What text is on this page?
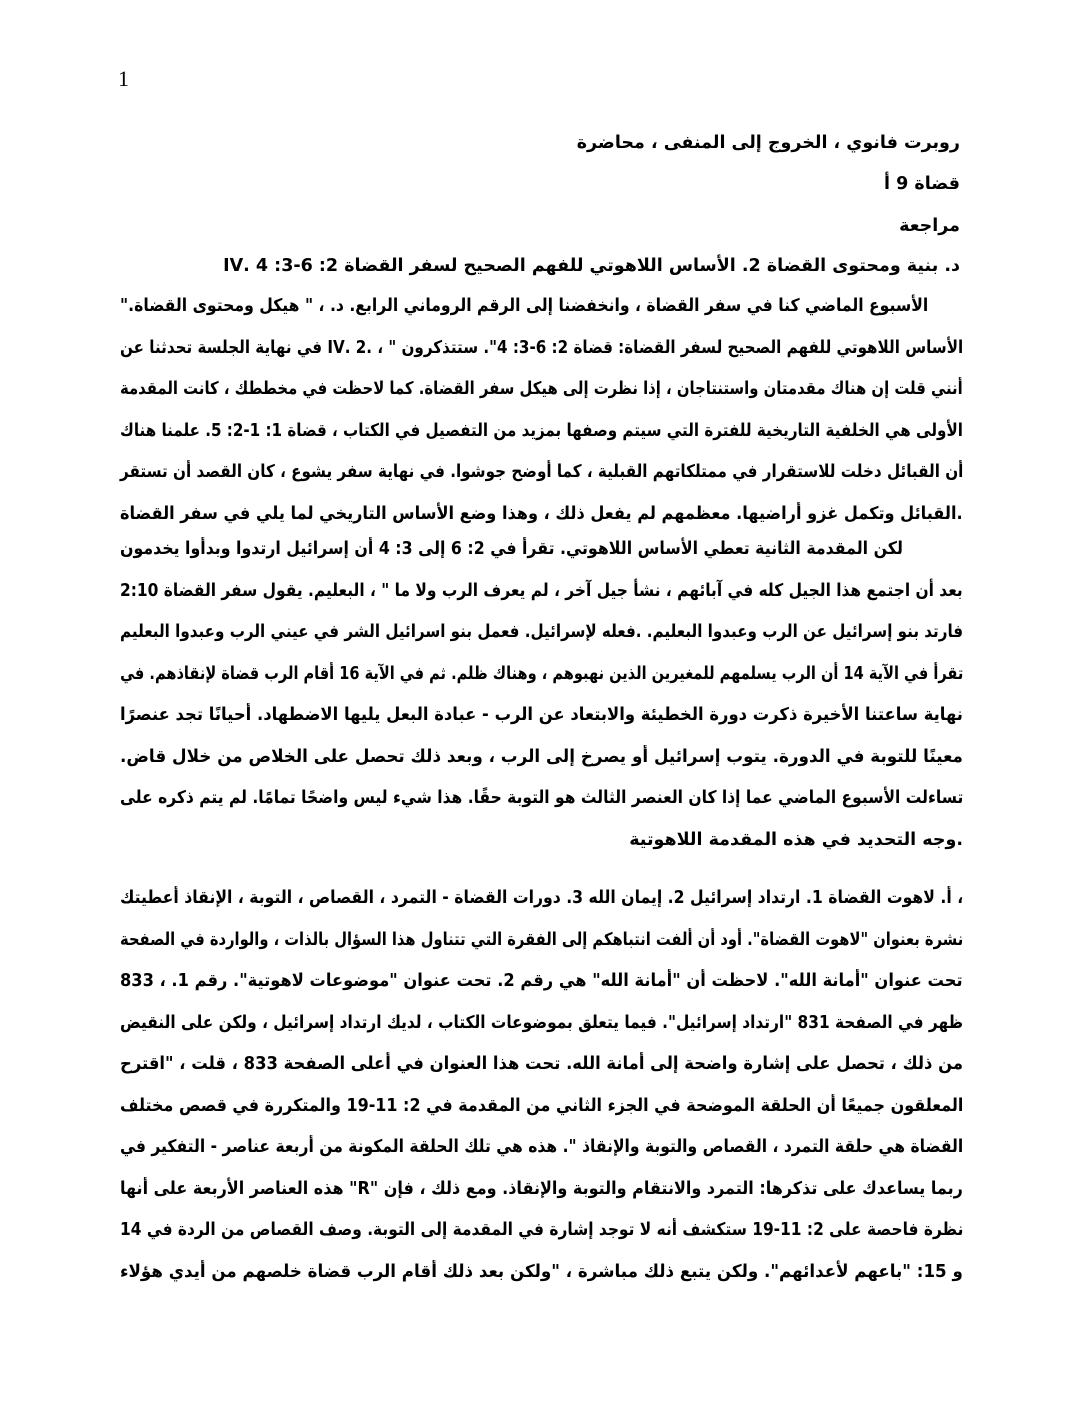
1
روبرت فانوي ، الخروج إلى المنفى ، محاضرة
قضاة 9 أ
مراجعة
د. بنية ومحتوى القضاة 2. الأساس اللاهوتي للفهم الصحيح لسفر القضاة 2: 6-3: 4 .IV
الأسبوع الماضي كنا في سفر القضاة ، وانخفضنا إلى الرقم الروماني الرابع. د. ، " هيكل ومحتوى القضاة."
الأساس اللاهوتي للفهم الصحيح لسفر القضاة: قضاة 2: 6-3: 4". ستتذكرون " ، .2 .IV في نهاية الجلسة تحدثنا عن
أنني قلت إن هناك مقدمتان واستنتاجان ، إذا نظرت إلى هيكل سفر القضاة. كما لاحظت في مخططك ، كانت المقدمة
الأولى هي الخلفية التاريخية للفترة التي سيتم وصفها بمزيد من التفصيل في الكتاب ، قضاة 1: 1-2: 5. علمنا هناك
أن القبائل دخلت للاستقرار في ممتلكاتهم القبلية ، كما أوضح جوشوا. في نهاية سفر يشوع ، كان القصد أن تستقر
.القبائل وتكمل غزو أراضيها. معظمهم لم يفعل ذلك ، وهذا وضع الأساس التاريخي لما يلي في سفر القضاة
لكن المقدمة الثانية تعطي الأساس اللاهوتي. تقرأ في 2: 6 إلى 3: 4 أن إسرائيل ارتدوا وبدأوا يخدمون
بعد أن اجتمع هذا الجيل كله في آبائهم ، نشأ جيل آخر ، لم يعرف الرب ولا ما " ، البعليم. يقول سفر القضاة 2:10
فارتد بنو إسرائيل عن الرب وعبدوا البعليم. .فعله لإسرائيل. فعمل بنو اسرائيل الشر في عيني الرب وعبدوا البعليم
تقرأ في الآية 14 أن الرب يسلمهم للمغيرين الذين نهبوهم ، وهناك ظلم. ثم في الآية 16 أقام الرب قضاة لإنقاذهم. في
نهاية ساعتنا الأخيرة ذكرت دورة الخطيئة والابتعاد عن الرب - عبادة البعل يليها الاضطهاد. أحيانًا تجد عنصرًا
معينًا للتوبة في الدورة. يتوب إسرائيل أو يصرخ إلى الرب ، وبعد ذلك تحصل على الخلاص من خلال قاض.
تساءلت الأسبوع الماضي عما إذا كان العنصر الثالث هو التوبة حقًا. هذا شيء ليس واضحًا تمامًا. لم يتم ذكره على
.وجه التحديد في هذه المقدمة اللاهوتية
، أ. لاهوت القضاة 1. ارتداد إسرائيل 2. إيمان الله 3. دورات القضاة - التمرد ، القصاص ، التوبة ، الإنقاذ أعطيتك
نشرة بعنوان "لاهوت القضاة". أود أن ألفت انتباهكم إلى الفقرة التي تتناول هذا السؤال بالذات ، والواردة في الصفحة
تحت عنوان "أمانة الله". لاحظت أن "أمانة الله" هي رقم 2. تحت عنوان "موضوعات لاهوتية". رقم 1. ، 833
ظهر في الصفحة 831 "ارتداد إسرائيل". فيما يتعلق بموضوعات الكتاب ، لديك ارتداد إسرائيل ، ولكن على النقيض
من ذلك ، تحصل على إشارة واضحة إلى أمانة الله. تحت هذا العنوان في أعلى الصفحة 833 ، قلت ، "اقترح
المعلقون جميعًا أن الحلقة الموضحة في الجزء الثاني من المقدمة في 2: 11-19 والمتكررة في قصص مختلف
القضاة هي حلقة التمرد ، القصاص والتوبة والإنقاذ ". هذه هي تلك الحلقة المكونة من أربعة عناصر - التفكير في
ربما يساعدك على تذكرها: التمرد والانتقام والتوبة والإنقاذ. ومع ذلك ، فإن "R" هذه العناصر الأربعة على أنها
نظرة فاحصة على 2: 11-19 ستكشف أنه لا توجد إشارة في المقدمة إلى التوبة. وصف القصاص من الردة في 14
و 15: "باعهم لأعدائهم". ولكن يتبع ذلك مباشرة ، "ولكن بعد ذلك أقام الرب قضاة خلصهم من أيدي هؤلاء
